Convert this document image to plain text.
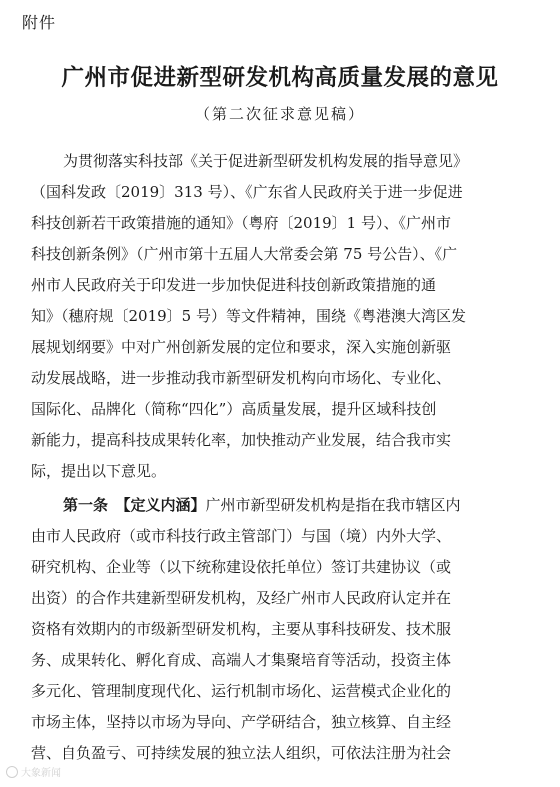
附件
广州市促进新型研发机构高质量发展的意见
（第二次征求意见稿）
为贯彻落实科技部《关于促进新型研发机构发展的指导意见》
（国科发政〔2019〕313 号）、《广东省人民政府关于进一步促进
科技创新若干政策措施的通知》（粤府〔2019〕1 号）、《广州市
科技创新条例》（广州市第十五届人大常委会第 75 号公告）、《广
州市人民政府关于印发进一步加快促进科技创新政策措施的通
知》（穗府规〔2019〕5 号）等文件精神，围绕《粤港澳大湾区发
展规划纲要》中对广州创新发展的定位和要求，深入实施创新驱
动发展战略，进一步推动我市新型研发机构向市场化、专业化、
国际化、品牌化（简称“四化”）高质量发展，提升区域科技创
新能力，提高科技成果转化率，加快推动产业发展，结合我市实
际，提出以下意见。
第一条　【定义内涵】广州市新型研发机构是指在我市辖区内
由市人民政府（或市科技行政主管部门）与国（境）内外大学、
研究机构、企业等（以下统称建设依托单位）签订共建协议（或
出资）的合作共建新型研发机构，及经广州市人民政府认定并在
资格有效期内的市级新型研发机构，主要从事科技研发、技术服
务、成果转化、孵化育成、高端人才集聚培育等活动，投资主体
多元化、管理制度现代化、运行机制市场化、运营模式企业化的
市场主体，坚持以市场为导向、产学研结合，独立核算、自主经
营、自负盈亏、可持续发展的独立法人组织，可依法注册为社会
大象新闻
